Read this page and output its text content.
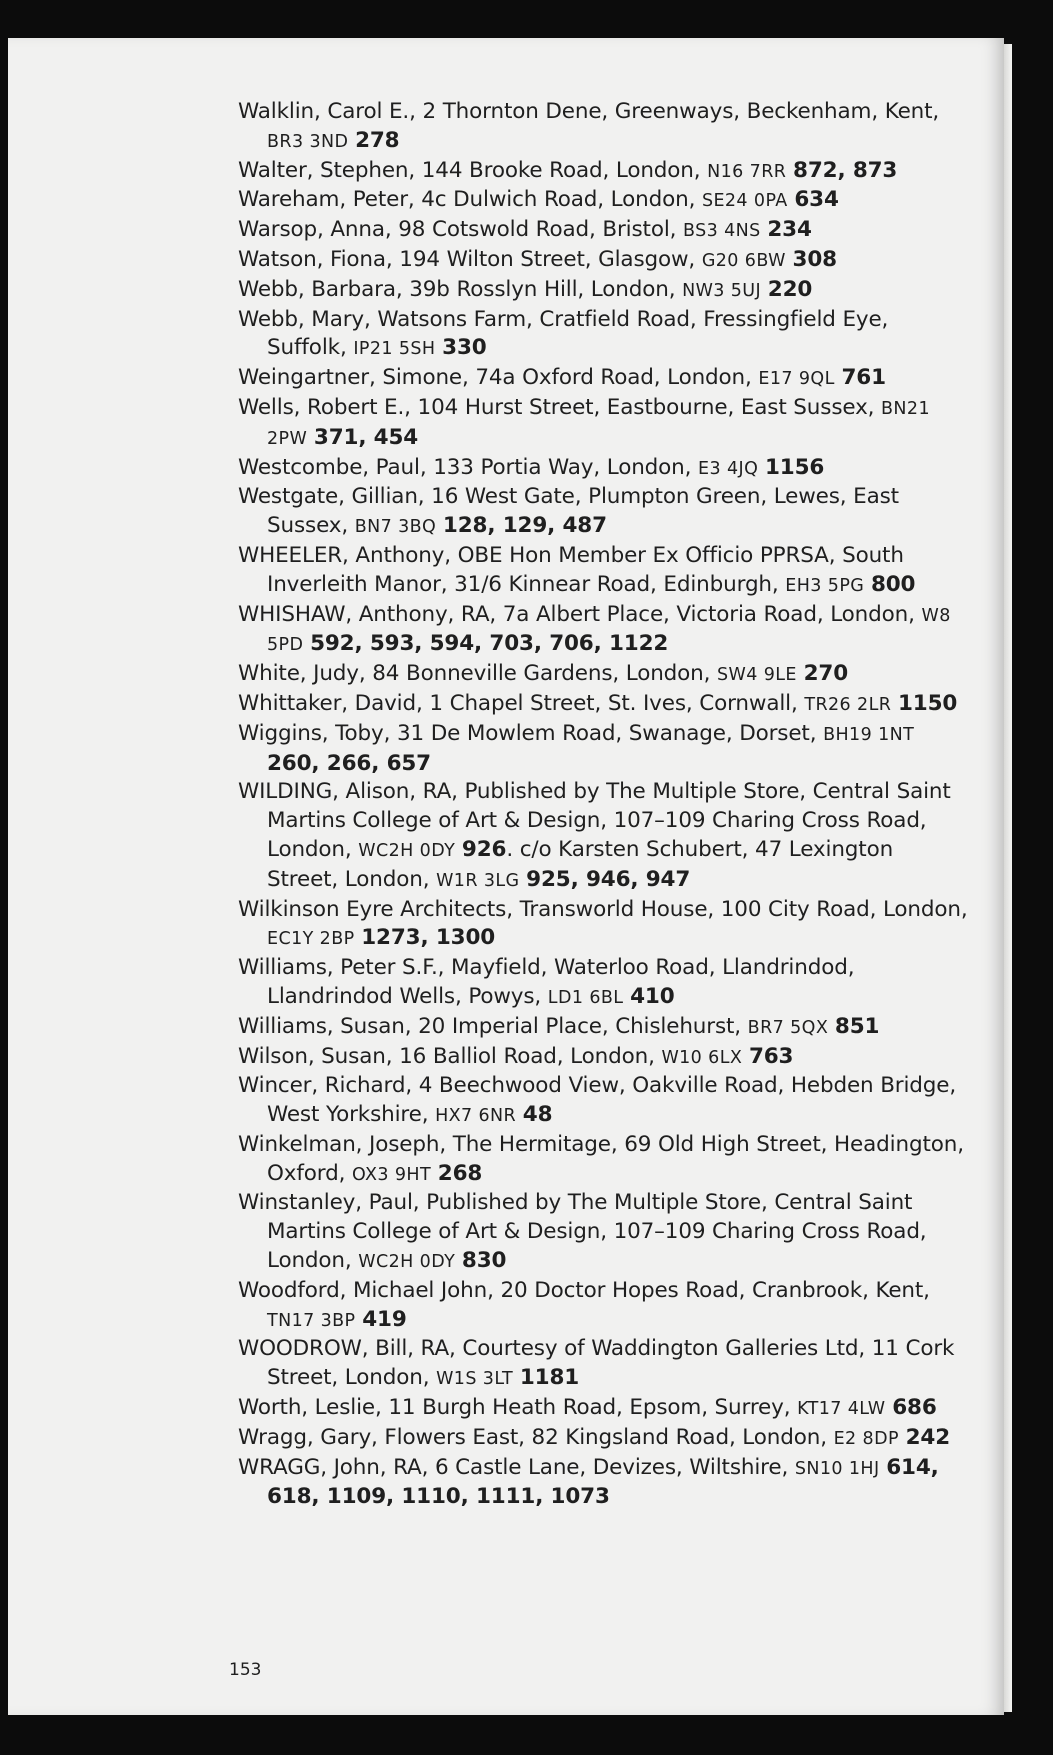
Walklin, Carol E., 2 Thornton Dene, Greenways, Beckenham, Kent, BR3 3ND 278
Walter, Stephen, 144 Brooke Road, London, N16 7RR 872, 873
Wareham, Peter, 4c Dulwich Road, London, SE24 0PA 634
Warsop, Anna, 98 Cotswold Road, Bristol, BS3 4NS 234
Watson, Fiona, 194 Wilton Street, Glasgow, G20 6BW 308
Webb, Barbara, 39b Rosslyn Hill, London, NW3 5UJ 220
Webb, Mary, Watsons Farm, Cratfield Road, Fressingfield Eye, Suffolk, IP21 5SH 330
Weingartner, Simone, 74a Oxford Road, London, E17 9QL 761
Wells, Robert E., 104 Hurst Street, Eastbourne, East Sussex, BN21 2PW 371, 454
Westcombe, Paul, 133 Portia Way, London, E3 4JQ 1156
Westgate, Gillian, 16 West Gate, Plumpton Green, Lewes, East Sussex, BN7 3BQ 128, 129, 487
WHEELER, Anthony, OBE Hon Member Ex Officio PPRSA, South Inverleith Manor, 31/6 Kinnear Road, Edinburgh, EH3 5PG 800
WHISHAW, Anthony, RA, 7a Albert Place, Victoria Road, London, W8 5PD 592, 593, 594, 703, 706, 1122
White, Judy, 84 Bonneville Gardens, London, SW4 9LE 270
Whittaker, David, 1 Chapel Street, St. Ives, Cornwall, TR26 2LR 1150
Wiggins, Toby, 31 De Mowlem Road, Swanage, Dorset, BH19 1NT 260, 266, 657
WILDING, Alison, RA, Published by The Multiple Store, Central Saint Martins College of Art & Design, 107–109 Charing Cross Road, London, WC2H 0DY 926. c/o Karsten Schubert, 47 Lexington Street, London, W1R 3LG 925, 946, 947
Wilkinson Eyre Architects, Transworld House, 100 City Road, London, EC1Y 2BP 1273, 1300
Williams, Peter S.F., Mayfield, Waterloo Road, Llandrindod, Llandrindod Wells, Powys, LD1 6BL 410
Williams, Susan, 20 Imperial Place, Chislehurst, BR7 5QX 851
Wilson, Susan, 16 Balliol Road, London, W10 6LX 763
Wincer, Richard, 4 Beechwood View, Oakville Road, Hebden Bridge, West Yorkshire, HX7 6NR 48
Winkelman, Joseph, The Hermitage, 69 Old High Street, Headington, Oxford, OX3 9HT 268
Winstanley, Paul, Published by The Multiple Store, Central Saint Martins College of Art & Design, 107–109 Charing Cross Road, London, WC2H 0DY 830
Woodford, Michael John, 20 Doctor Hopes Road, Cranbrook, Kent, TN17 3BP 419
WOODROW, Bill, RA, Courtesy of Waddington Galleries Ltd, 11 Cork Street, London, W1S 3LT 1181
Worth, Leslie, 11 Burgh Heath Road, Epsom, Surrey, KT17 4LW 686
Wragg, Gary, Flowers East, 82 Kingsland Road, London, E2 8DP 242
WRAGG, John, RA, 6 Castle Lane, Devizes, Wiltshire, SN10 1HJ 614, 618, 1109, 1110, 1111, 1073
153
